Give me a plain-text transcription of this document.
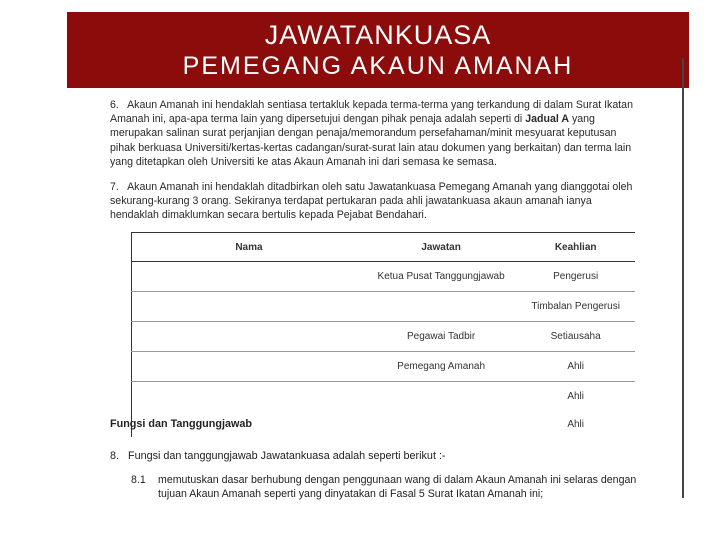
JAWATANKUASA
PEMEGANG AKAUN AMANAH
6. Akaun Amanah ini hendaklah sentiasa tertakluk kepada terma-terma yang terkandung di dalam Surat Ikatan Amanah ini, apa-apa terma lain yang dipersetujui dengan pihak penaja adalah seperti di Jadual A yang merupakan salinan surat perjanjian dengan penaja/memorandum persefahaman/minit mesyuarat keputusan pihak berkuasa Universiti/kertas-kertas cadangan/surat-surat lain atau dokumen yang berkaitan) dan terma lain yang ditetapkan oleh Universiti ke atas Akaun Amanah ini dari semasa ke semasa.
7. Akaun Amanah ini hendaklah ditadbirkan oleh satu Jawatankuasa Pemegang Amanah yang dianggotai oleh sekurang-kurang 3 orang. Sekiranya terdapat pertukaran pada ahli jawatankuasa akaun amanah ianya hendaklah dimaklumkan secara bertulis kepada Pejabat Bendahari.
Nama	Jawatan	Keahlian
	Ketua Pusat Tanggungjawab	Pengerusi
		Timbalan Pengerusi
	Pegawai Tadbir	Setiausaha
	Pemegang Amanah	Ahli
		Ahli
		Ahli
Fungsi dan Tanggungjawab
8. Fungsi dan tanggungjawab Jawatankuasa adalah seperti berikut :-
8.1 memutuskan dasar berhubung dengan penggunaan wang di dalam Akaun Amanah ini selaras dengan tujuan Akaun Amanah seperti yang dinyatakan di Fasal 5 Surat Ikatan Amanah ini;
